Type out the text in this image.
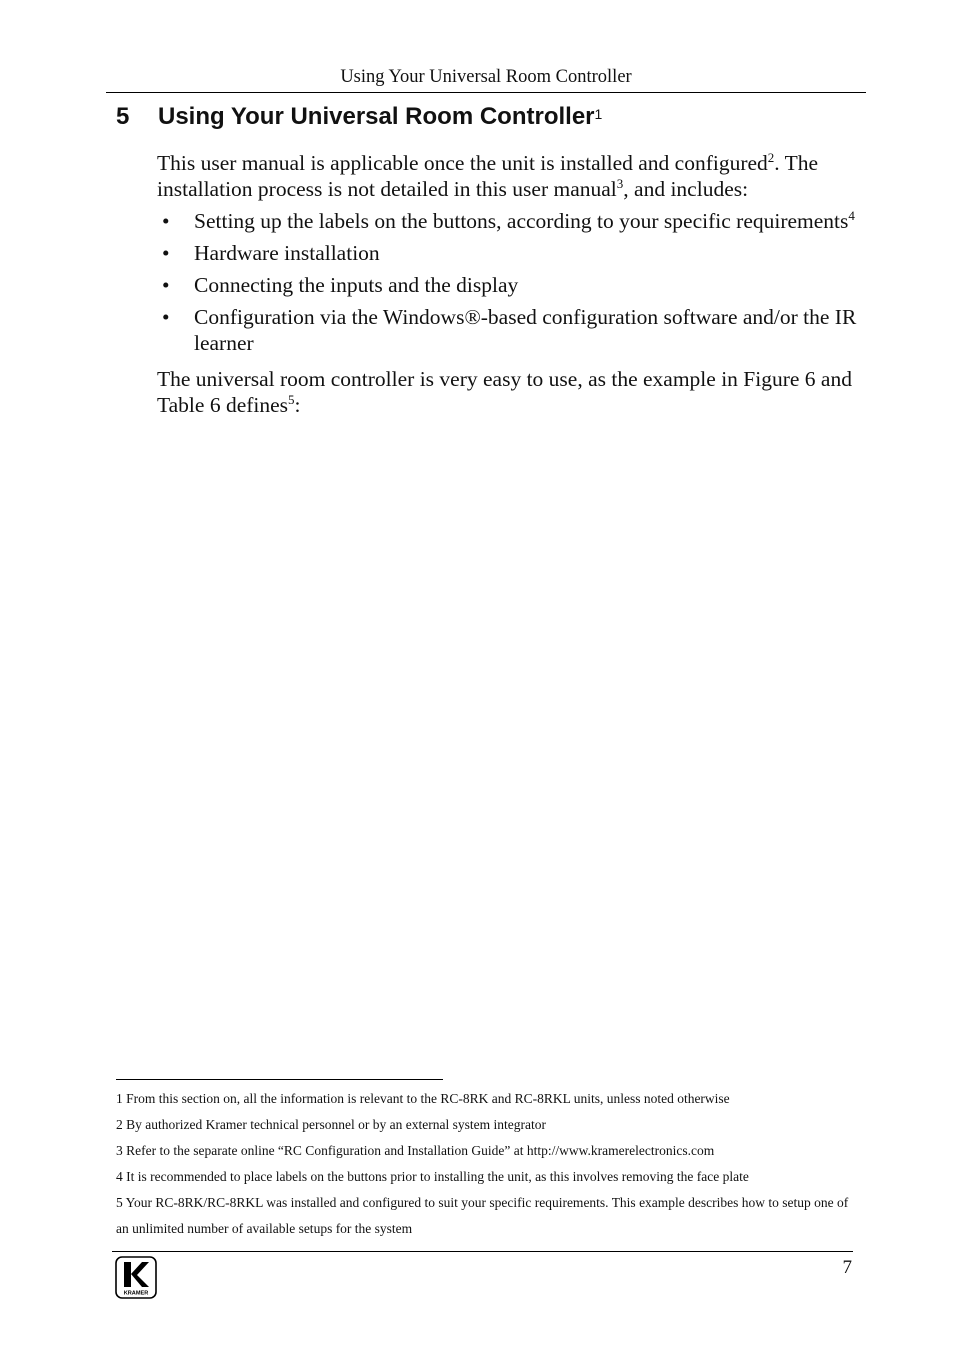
Using Your Universal Room Controller
5 Using Your Universal Room Controller$^1$

This user manual is applicable once the unit is installed and configured$^2$. The installation process is not detailed in this user manual$^3$, and includes:

• Setting up the labels on the buttons, according to your specific requirements$^4$
• Hardware installation
• Connecting the inputs and the display
• Configuration via the Windows®-based configuration software and/or the IR learner

The universal room controller is very easy to use, as the example in Figure 6 and Table 6 defines$^5$:

1 From this section on, all the information is relevant to the RC-8RK and RC-8RKL units, unless noted otherwise
2 By authorized Kramer technical personnel or by an external system integrator
3 Refer to the separate online “RC Configuration and Installation Guide” at http://www.kramerelectronics.com
4 It is recommended to place labels on the buttons prior to installing the unit, as this involves removing the face plate
5 Your RC-8RK/RC-8RKL was installed and configured to suit your specific requirements. This example describes how to setup one of an unlimited number of available setups for the system
KRAMER
7
